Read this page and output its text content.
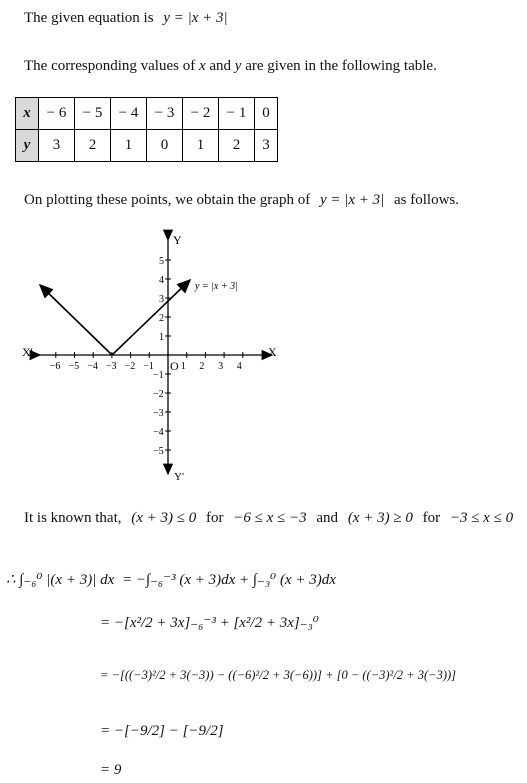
The given equation is y = |x + 3|
The corresponding values of x and y are given in the following table.
x	− 6	− 5	− 4	− 3	− 2	− 1	0
y	3	2	1	0	1	2	3
On plotting these points, we obtain the graph of y = |x + 3| as follows.
−6 −5 −4 −3 −2 −1	1 2 3 4
5
4
3
2
1
−1
−2
−3
−4
−5
X
X'
Y
Y'
O
y = |x + 3|
It is known that, (x + 3) ≤ 0 for −6 ≤ x ≤ −3 and (x + 3) ≥ 0 for −3 ≤ x ≤ 0
∴ ∫₋₆⁰ |(x + 3)| dx = −∫₋₆⁻³ (x + 3)dx + ∫₋₃⁰ (x + 3)dx
= −[x²/2 + 3x]₋₆⁻³ + [x²/2 + 3x]₋₃⁰
= −[((−3)²/2 + 3(−3)) − ((−6)²/2 + 3(−6))] + [0 − ((−3)²/2 + 3(−3))]
= −[−9/2] − [−9/2]
= 9
